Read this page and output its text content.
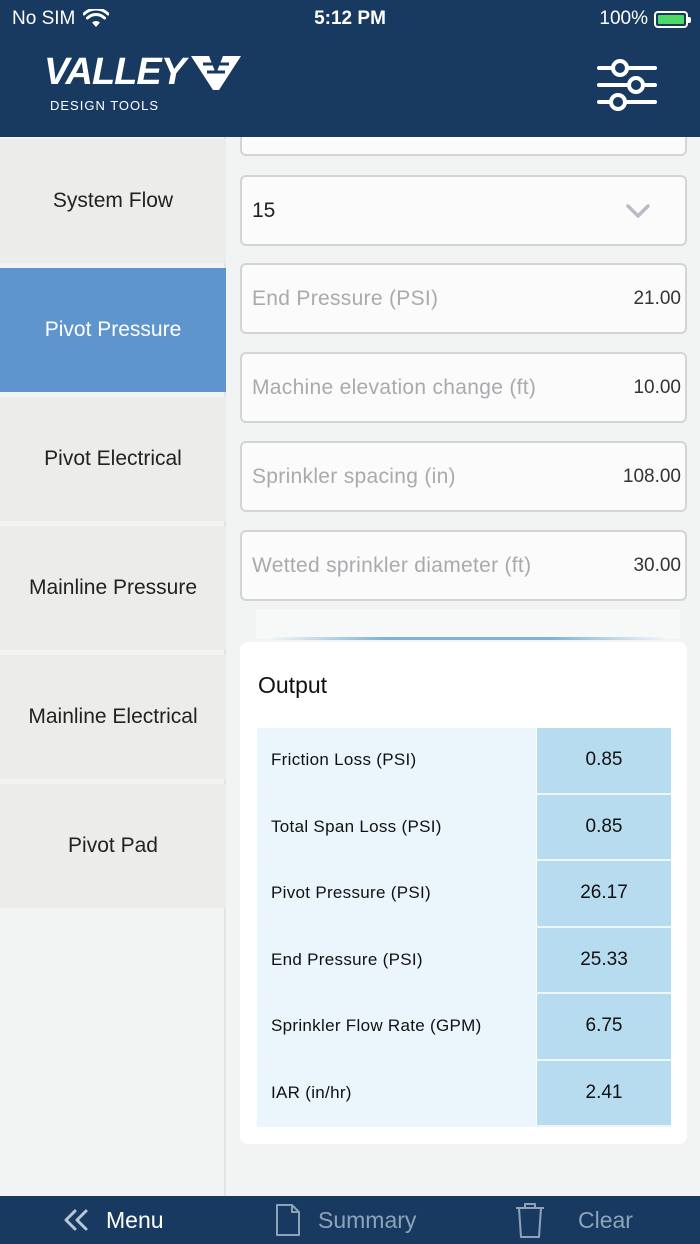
No SIM	5:12 PM	100%
VALLEY
DESIGN TOOLS
System Flow
Pivot Pressure
Pivot Electrical
Mainline Pressure
Mainline Electrical
Pivot Pad
15
End Pressure (PSI)	21.00
Machine elevation change (ft)	10.00
Sprinkler spacing (in)	108.00
Wetted sprinkler diameter (ft)	30.00
Output
Friction Loss (PSI)	0.85
Total Span Loss (PSI)	0.85
Pivot Pressure (PSI)	26.17
End Pressure (PSI)	25.33
Sprinkler Flow Rate (GPM)	6.75
IAR (in/hr)	2.41
Menu	Summary	Clear
